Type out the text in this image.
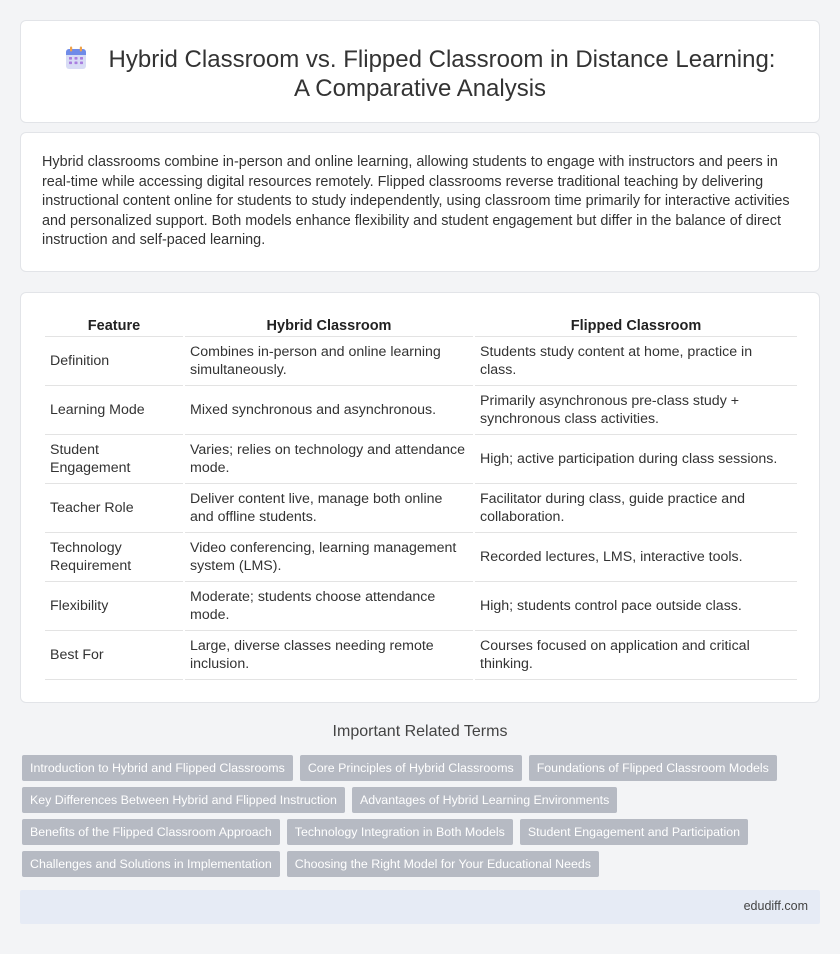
Hybrid Classroom vs. Flipped Classroom in Distance Learning: A Comparative Analysis

Hybrid classrooms combine in-person and online learning, allowing students to engage with instructors and peers in real-time while accessing digital resources remotely. Flipped classrooms reverse traditional teaching by delivering instructional content online for students to study independently, using classroom time primarily for interactive activities and personalized support. Both models enhance flexibility and student engagement but differ in the balance of direct instruction and self-paced learning.

Feature	Hybrid Classroom	Flipped Classroom
Definition	Combines in-person and online learning simultaneously.	Students study content at home, practice in class.
Learning Mode	Mixed synchronous and asynchronous.	Primarily asynchronous pre-class study + synchronous class activities.
Student Engagement	Varies; relies on technology and attendance mode.	High; active participation during class sessions.
Teacher Role	Deliver content live, manage both online and offline students.	Facilitator during class, guide practice and collaboration.
Technology Requirement	Video conferencing, learning management system (LMS).	Recorded lectures, LMS, interactive tools.
Flexibility	Moderate; students choose attendance mode.	High; students control pace outside class.
Best For	Large, diverse classes needing remote inclusion.	Courses focused on application and critical thinking.
Important Related Terms
Introduction to Hybrid and Flipped Classrooms	Core Principles of Hybrid Classrooms	Foundations of Flipped Classroom Models
Key Differences Between Hybrid and Flipped Instruction	Advantages of Hybrid Learning Environments
Benefits of the Flipped Classroom Approach	Technology Integration in Both Models	Student Engagement and Participation
Challenges and Solutions in Implementation	Choosing the Right Model for Your Educational Needs
edudiff.com
